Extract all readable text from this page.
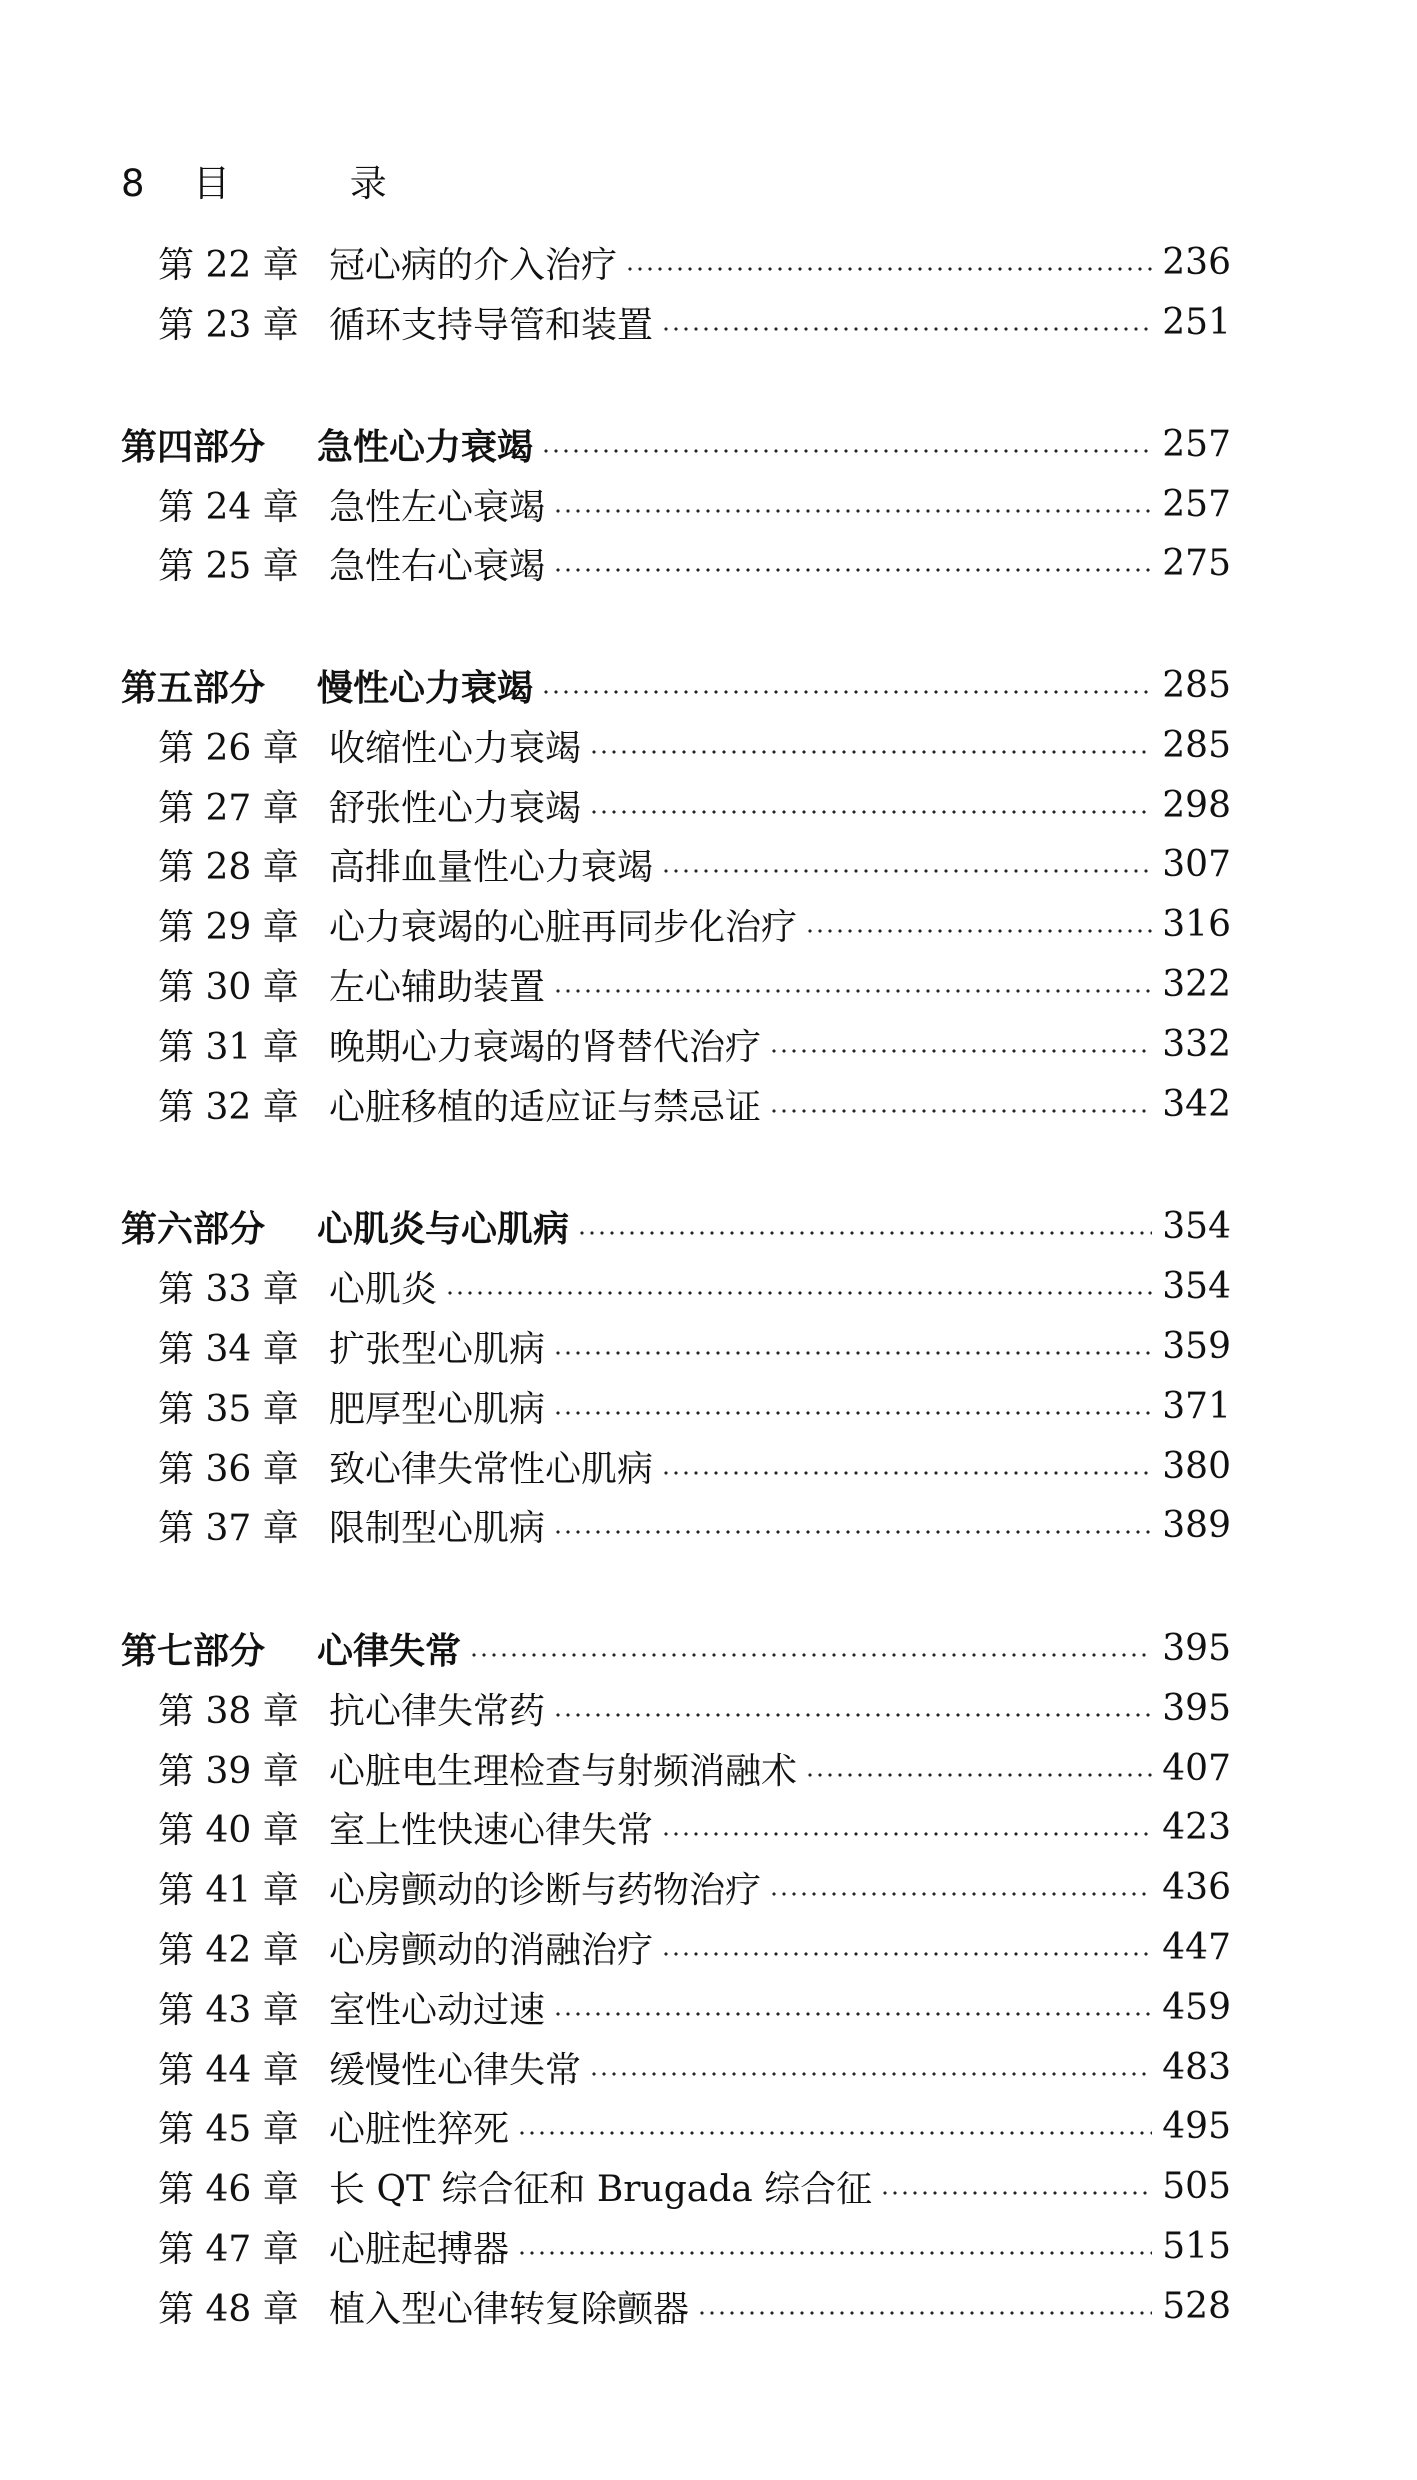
8 目 录
第 22 章 冠心病的介入治疗	236
第 23 章 循环支持导管和装置	251
第四部分	急性心力衰竭	257
第 24 章 急性左心衰竭	257
第 25 章 急性右心衰竭	275
第五部分	慢性心力衰竭	285
第 26 章 收缩性心力衰竭	285
第 27 章 舒张性心力衰竭	298
第 28 章 高排血量性心力衰竭	307
第 29 章 心力衰竭的心脏再同步化治疗	316
第 30 章 左心辅助装置	322
第 31 章 晚期心力衰竭的肾替代治疗	332
第 32 章 心脏移植的适应证与禁忌证	342
第六部分	心肌炎与心肌病	354
第 33 章 心肌炎	354
第 34 章 扩张型心肌病	359
第 35 章 肥厚型心肌病	371
第 36 章 致心律失常性心肌病	380
第 37 章 限制型心肌病	389
第七部分	心律失常	395
第 38 章 抗心律失常药	395
第 39 章 心脏电生理检查与射频消融术	407
第 40 章 室上性快速心律失常	423
第 41 章 心房颤动的诊断与药物治疗	436
第 42 章 心房颤动的消融治疗	447
第 43 章 室性心动过速	459
第 44 章 缓慢性心律失常	483
第 45 章 心脏性猝死	495
第 46 章 长 QT 综合征和 Brugada 综合征	505
第 47 章 心脏起搏器	515
第 48 章 植入型心律转复除颤器	528
